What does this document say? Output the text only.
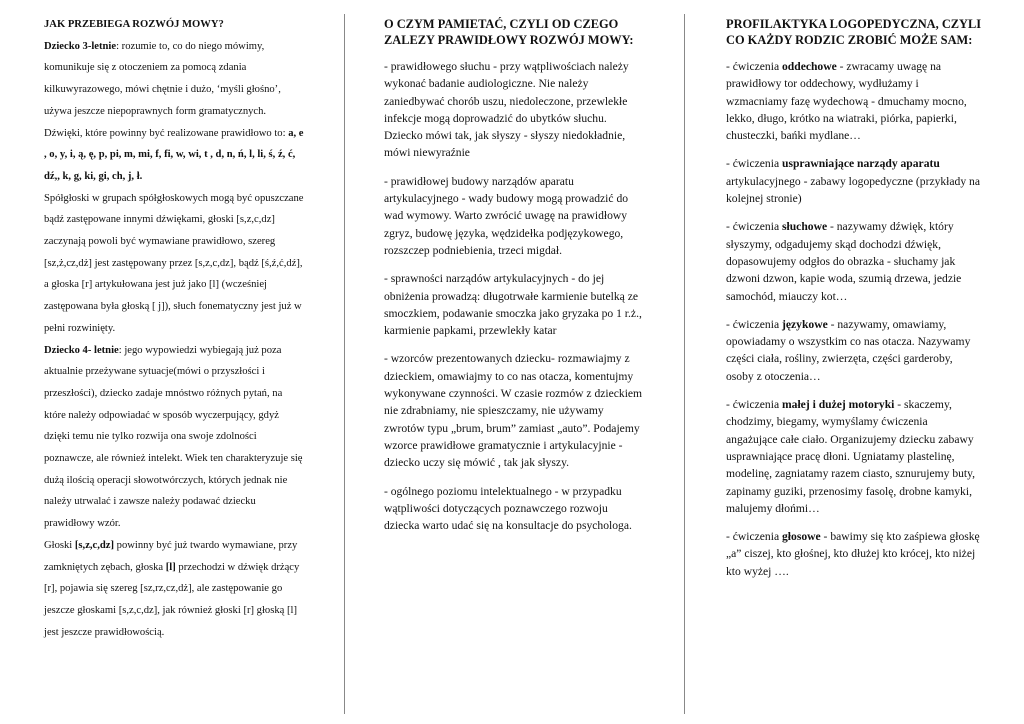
JAK PRZEBIEGA ROZWÓJ MOWY?

Dziecko 3-letnie: rozumie to, co do niego mówimy, komunikuje się z otoczeniem za pomocą zdania kilkuwyrazowego, mówi chętnie i dużo, ‘myśli głośno’, używa jeszcze niepoprawnych form gramatycznych. Dźwięki, które powinny być realizowane prawidłowo to: a, e , o, y, i, ą, ę, p, pi, m, mi, f, fi, w, wi, t , d, n, ń, l, li, ś, ź, ć, dź,, k, g, ki, gi, ch, j, ł.

Spółgłoski w grupach spółgłoskowych mogą być opuszczane bądź zastępowane innymi dźwiękami, głoski [s,z,c,dz] zaczynają powoli być wymawiane prawidłowo, szereg [sz,ż,cz,dż] jest zastępowany przez [s,z,c,dz], bądź [ś,ź,ć,dź], a głoska [r] artykułowana jest już jako [l] (wcześniej zastępowana była głoską [ j]), słuch fonematyczny jest już w pełni rozwinięty.

Dziecko 4- letnie: jego wypowiedzi wybiegają już poza aktualnie przeżywane sytuacje(mówi o przyszłości i przeszłości), dziecko zadaje mnóstwo różnych pytań, na które należy odpowiadać w sposób wyczerpujący, gdyż dzięki temu nie tylko rozwija ona swoje zdolności poznawcze, ale również intelekt. Wiek ten charakteryzuje się dużą ilością operacji słowotwórczych, których jednak nie należy utrwalać i zawsze należy podawać dziecku prawidłowy wzór.

Głoski [s,z,c,dz] powinny być już twardo wymawiane, przy zamkniętych zębach, głoska [l] przechodzi w dźwięk drżący [r], pojawia się szereg [sz,rz,cz,dż], ale zastępowanie go jeszcze głoskami [s,z,c,dz], jak również głoski [r] głoską [l] jest jeszcze prawidłowością.

O CZYM PAMIETAĆ, CZYLI OD CZEGO ZALEZY PRAWIDŁOWY ROZWÓJ MOWY:

- prawidłowego słuchu - przy wątpliwościach należy wykonać badanie audiologiczne. Nie należy zaniedbywać chorób uszu, niedoleczone, przewlekłe infekcje mogą doprowadzić do ubytków słuchu. Dziecko mówi tak, jak słyszy - słyszy niedokładnie, mówi niewyraźnie

- prawidłowej budowy narządów aparatu artykulacyjnego - wady budowy mogą prowadzić do wad wymowy. Warto zwrócić uwagę na prawidłowy zgryz, budowę języka, wędzidełka podjęzykowego, rozszczep podniebienia, trzeci migdał.

- sprawności narządów artykulacyjnych - do jej obniżenia prowadzą: długotrwałe karmienie butelką ze smoczkiem, podawanie smoczka jako gryzaka po 1 r.ż., karmienie papkami, przewlekły katar

- wzorców prezentowanych dziecku- rozmawiajmy z dzieckiem, omawiajmy to co nas otacza, komentujmy wykonywane czynności. W czasie rozmów z dzieckiem nie zdrabniamy, nie spieszczamy, nie używamy zwrotów typu „brum, brum” zamiast „auto”. Podajemy wzorce prawidłowe gramatycznie i artykulacyjnie - dziecko uczy się mówić , tak jak słyszy.

- ogólnego poziomu intelektualnego - w przypadku wątpliwości dotyczących poznawczego rozwoju dziecka warto udać się na konsultacje do psychologa.

PROFILAKTYKA LOGOPEDYCZNA, CZYLI CO KAŻDY RODZIC ZROBIĆ MOŻE SAM:

- ćwiczenia oddechowe - zwracamy uwagę na prawidłowy tor oddechowy, wydłużamy i wzmacniamy fazę wydechową - dmuchamy mocno, lekko, długo, krótko na wiatraki, piórka, papierki, chusteczki, bańki mydlane…

- ćwiczenia usprawniające narządy aparatu artykulacyjnego - zabawy logopedyczne (przykłady na kolejnej stronie)

- ćwiczenia słuchowe - nazywamy dźwięk, który słyszymy, odgadujemy skąd dochodzi dźwięk, dopasowujemy odgłos do obrazka - słuchamy jak dzwoni dzwon, kapie woda, szumią drzewa, jedzie samochód, miauczy kot…

- ćwiczenia językowe - nazywamy, omawiamy, opowiadamy o wszystkim co nas otacza. Nazywamy części ciała, rośliny, zwierzęta, części garderoby, osoby z otoczenia…

- ćwiczenia małej i dużej motoryki - skaczemy, chodzimy, biegamy, wymyślamy ćwiczenia angażujące całe ciało. Organizujemy dziecku zabawy usprawniające pracę dłoni. Ugniatamy plastelinę, modelinę, zagniatamy razem ciasto, sznurujemy buty, zapinamy guziki, przenosimy fasolę, drobne kamyki, malujemy dłońmi…

- ćwiczenia głosowe - bawimy się kto zaśpiewa głoskę „a” ciszej, kto głośnej, kto dłużej kto krócej, kto niżej kto wyżej ….
